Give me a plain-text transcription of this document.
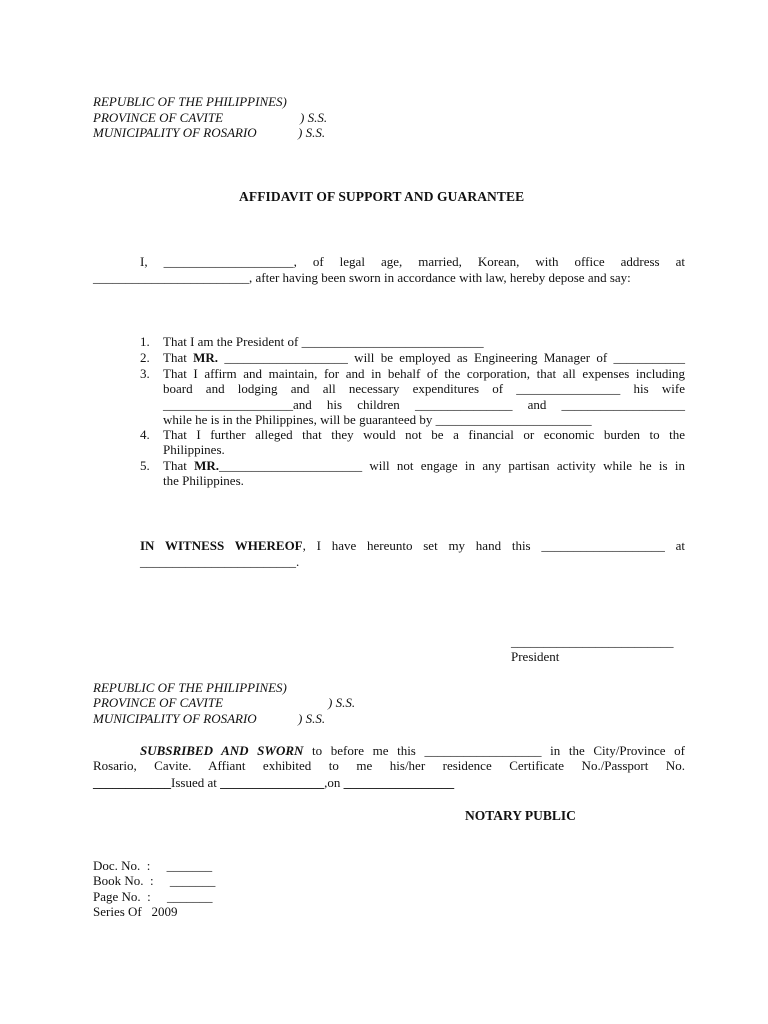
REPUBLIC OF THE PHILIPPINES)
PROVINCE OF CAVITE	) S.S.
MUNICIPALITY OF ROSARIO	) S.S.
AFFIDAVIT OF SUPPORT AND GUARANTEE
I, ____________________, of legal age, married, Korean, with office address at
________________________, after having been sworn in accordance with law, hereby depose and say:
1. That I am the President of ____________________________
2. That MR. ___________________ will be employed as Engineering Manager of ___________
3. That I affirm and maintain, for and in behalf of the corporation, that all expenses including
board and lodging and all necessary expenditures of ________________ his wife
____________________and his children _______________ and ___________________
while he is in the Philippines, will be guaranteed by ________________________
4. That I further alleged that they would not be a financial or economic burden to the
Philippines.
5. That MR.______________________ will not engage in any partisan activity while he is in
the Philippines.
IN WITNESS WHEREOF, I have hereunto set my hand this ___________________ at
________________________.
_________________________
President
REPUBLIC OF THE PHILIPPINES)
PROVINCE OF CAVITE	) S.S.
MUNICIPALITY OF ROSARIO	) S.S.
SUBSRIBED AND SWORN to before me this __________________ in the City/Province of
Rosario, Cavite. Affiant exhibited to me his/her residence Certificate No./Passport No.
____________Issued at ________________,on _________________
NOTARY PUBLIC
Doc. No.  :     _______
Book No.  :     _______
Page No.  :     _______
Series Of   2009
